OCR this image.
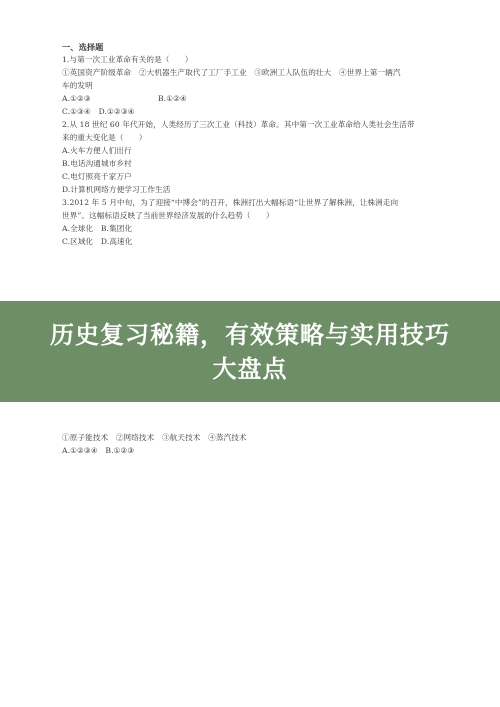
一、选择题
1.与第一次工业革命有关的是（　　）
①英国资产阶级革命　②大机器生产取代了工厂手工业　③欧洲工人队伍的壮大　④世界上第一辆汽
车的发明
A.①②③	B.①②④
C.①③④　D.①②③④
2.从 18 世纪 60 年代开始，人类经历了三次工业（科技）革命。其中第一次工业革命给人类社会生活带
来的重大变化是（　　）
A.火车方便人们出行
B.电话沟通城市乡村
C.电灯照亮千家万户
D.计算机网络方便学习工作生活
3.2012 年 5 月中旬，为了迎接“中博会”的召开，株洲打出大幅标语“让世界了解株洲，让株洲走向
世界”。这幅标语反映了当前世界经济发展的什么趋势（　　）
A.全球化　B.集团化
C.区域化　D.高速化
历史复习秘籍，有效策略与实用技巧大盘点
①原子能技术　②网络技术　③航天技术　④蒸汽技术
A.①②③④　B.①②③
